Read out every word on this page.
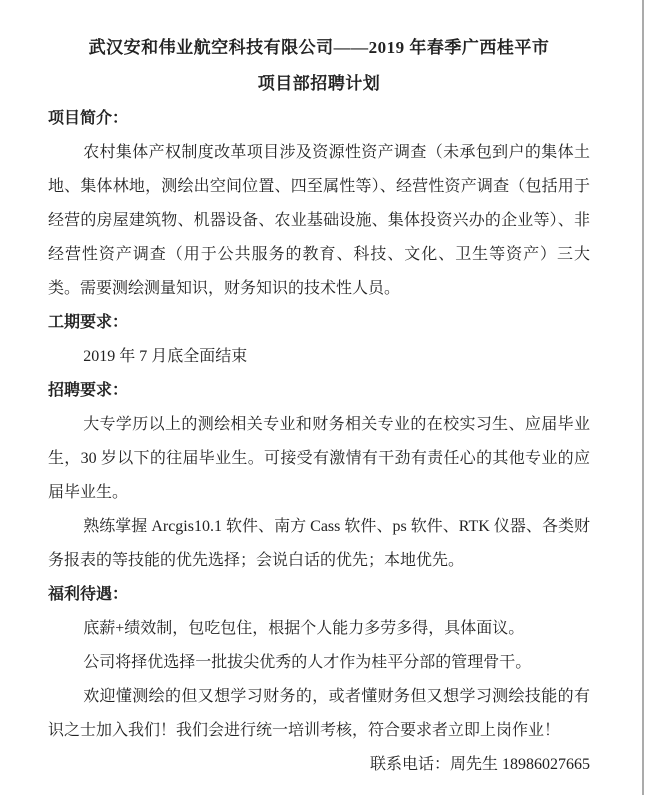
武汉安和伟业航空科技有限公司——2019 年春季广西桂平市
项目部招聘计划
项目简介：

农村集体产权制度改革项目涉及资源性资产调查（未承包到户的集体土地、集体林地，测绘出空间位置、四至属性等）、经营性资产调查（包括用于经营的房屋建筑物、机器设备、农业基础设施、集体投资兴办的企业等）、非经营性资产调查（用于公共服务的教育、科技、文化、卫生等资产）三大类。需要测绘测量知识，财务知识的技术性人员。

工期要求：

2019 年 7 月底全面结束

招聘要求：

大专学历以上的测绘相关专业和财务相关专业的在校实习生、应届毕业生，30 岁以下的往届毕业生。可接受有激情有干劲有责任心的其他专业的应届毕业生。

熟练掌握 Arcgis10.1 软件、南方 Cass 软件、ps 软件、RTK 仪器、各类财务报表的等技能的优先选择；会说白话的优先；本地优先。

福利待遇：

底薪+绩效制，包吃包住，根据个人能力多劳多得，具体面议。

公司将择优选择一批拔尖优秀的人才作为桂平分部的管理骨干。

欢迎懂测绘的但又想学习财务的，或者懂财务但又想学习测绘技能的有识之士加入我们！我们会进行统一培训考核，符合要求者立即上岗作业！

联系电话：周先生 18986027665
